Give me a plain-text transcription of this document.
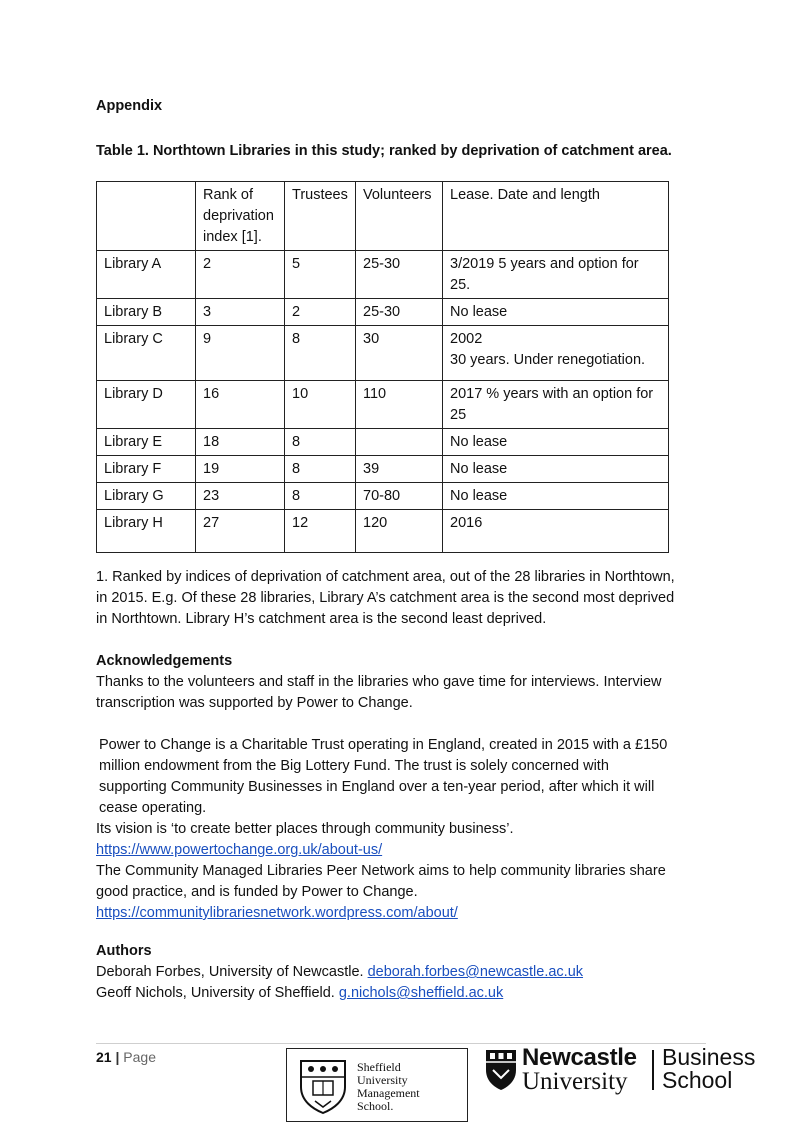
Appendix
Table 1. Northtown Libraries in this study; ranked by deprivation of catchment area.
	Rank of deprivation index [1].	Trustees	Volunteers	Lease. Date and length
Library A	2	5	25-30	3/2019 5 years and option for 25.
Library B	3	2	25-30	No lease
Library C	9	8	30	2002
30 years. Under renegotiation.

Library D	16	10	110	2017 % years with an option for 25
Library E	18	8		No lease
Library F	19	8	39	No lease
Library G	23	8	70-80	No lease
Library H	27	12	120	2016
1. Ranked by indices of deprivation of catchment area, out of the 28 libraries in Northtown,
in 2015. E.g. Of these 28 libraries, Library A’s catchment area is the second most deprived
in Northtown. Library H’s catchment area is the second least deprived.
Acknowledgements
Thanks to the volunteers and staff in the libraries who gave time for interviews. Interview
transcription was supported by Power to Change.
Power to Change is a Charitable Trust operating in England, created in 2015 with a £150
million endowment from the Big Lottery Fund. The trust is solely concerned with
supporting Community Businesses in England over a ten-year period, after which it will
cease operating.
Its vision is ‘to create better places through community business’.
https://www.powertochange.org.uk/about-us/
The Community Managed Libraries Peer Network aims to help community libraries share
good practice, and is funded by Power to Change.
https://communitylibrariesnetwork.wordpress.com/about/
Authors
Deborah Forbes, University of Newcastle. deborah.forbes@newcastle.ac.uk
Geoff Nichols, University of Sheffield. g.nichols@sheffield.ac.uk
21 | Page
Sheffield
University
Management
School.
Newcastle
University
Business
School
